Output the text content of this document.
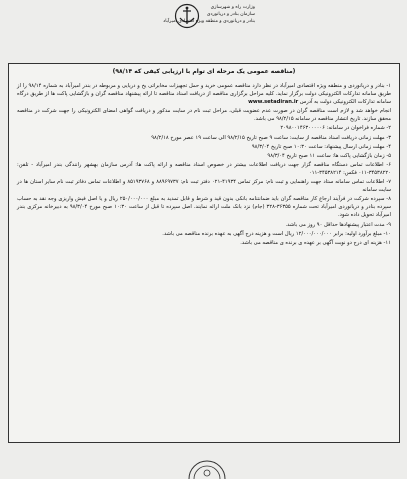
وزارت راه و شهرسازی
سازمان بنادر و دریانوردی
بنادر و دریانوردی و منطقه ویژه اقتصادی امیرآباد
(مناقصه عمومی یک مرحله ای توام با ارزیابی کیفی که ۹۸/۱۴)

۱- بنادر و دریانوردی و منطقه ویژه اقتصادی امیرآباد در نظر دارد مناقصه عمومی خرید و حمل تجهیزات مخابراتی یخ و دریایی و مربوطه در بندر امیرآباد به شماره ۹۸/۱۴ را از طریق سامانه تدارکات الکترونیکی دولت برگزار نماید. کلیه مراحل برگزاری مناقصه از دریافت اسناد مناقصه تا ارائه پیشنهاد مناقصه گران و بازگشایی پاکت ها از طریق درگاه سامانه تدارکات الکترونیکی دولت به آدرس www.setadiran.ir

انجام خواهد شد و لازم است مناقصه گران در صورت عدم عضویت قبلی، مراحل ثبت نام در سایت مذکور و دریافت گواهی امضای الکترونیکی را جهت شرکت در مناقصه محقق سازند. تاریخ انتشار مناقصه در سامانه ۹۸/۲/۱۵ می باشد.

۲- شماره فراخوان در سامانه: ۲۰۹۸۰۰۱۴۶۳۰۰۰۰۰۶

۳- مهلت زمانی دریافت اسناد مناقصه از سایت: ساعت ۹ صبح تاریخ ۹۸/۲/۱۵ الی ساعت ۱۹ عصر مورخ ۹۸/۲/۱۸

۴- مهلت زمانی ارسال پیشنهاد: ساعت ۱۰:۳۰ صبح تاریخ ۹۸/۳/۰۴

۵- زمان بازگشایی پاکت ها: ساعت ۱۱ صبح تاریخ ۹۸/۳/۰۴

۶- اطلاعات تماس دستگاه مناقصه گزار جهت دریافت اطلاعات بیشتر در خصوص اسناد مناقصه و ارائه پاکت ها: آدرس سازمان بهشهر رانندگی بندر امیرآباد - تلفن: ۳۴۵۳۸۲۲۰-۰۱۱ فکس: ۳۴۵۳۸۲۱۴-۰۱۱

۷- اطلاعات تماس سامانه ستاد جهت راهنمایی و ثبت نام: مرکز تماس ۴۱۹۳۴-۰۲۱ دفتر ثبت نام: ۸۸۹۶۹۷۳۷ و ۸۵۱۹۳۷۶۸ و اطلاعات تماس دفاتر ثبت نام سایر استان ها در سایت سامانه

۸- سپرده شرکت در فرآیند ارجاع کار مناقصه گران باید ضمانتنامه بانکی بدون قید و شرط و قابل تمدید به مبلغ ۲۵۰/۰۰۰/۰۰۰ ریال و یا اصل فیش واریزی وجه نقد به حساب سپرده بنادر و دریانوردی امیرآباد تحت شماره ۳۶۳۵۵-۳۲۸ (جام) نزد بانک ملت ارائه نمایند. اصل سپرده تا قبل از ساعت ۱۰:۳۰ صبح مورخ ۹۸/۳/۰۴ به دبیرخانه مرکزی بندر امیرآباد تحویل داده شود.

۹- مدت اعتبار پیشنهادها حداقل ۹۰ روز می باشد.

۱۰- مبلغ برآورد اولیه: برابر ۱۲/۰۰۰/۰۰۰/۰۰۰ ریال است و هزینه درج آگهی به عهده برنده مناقصه می باشد.

۱۱- هزینه ای درج دو نوبت آگهی بر عهده ی برنده ی مناقصه می باشد.
